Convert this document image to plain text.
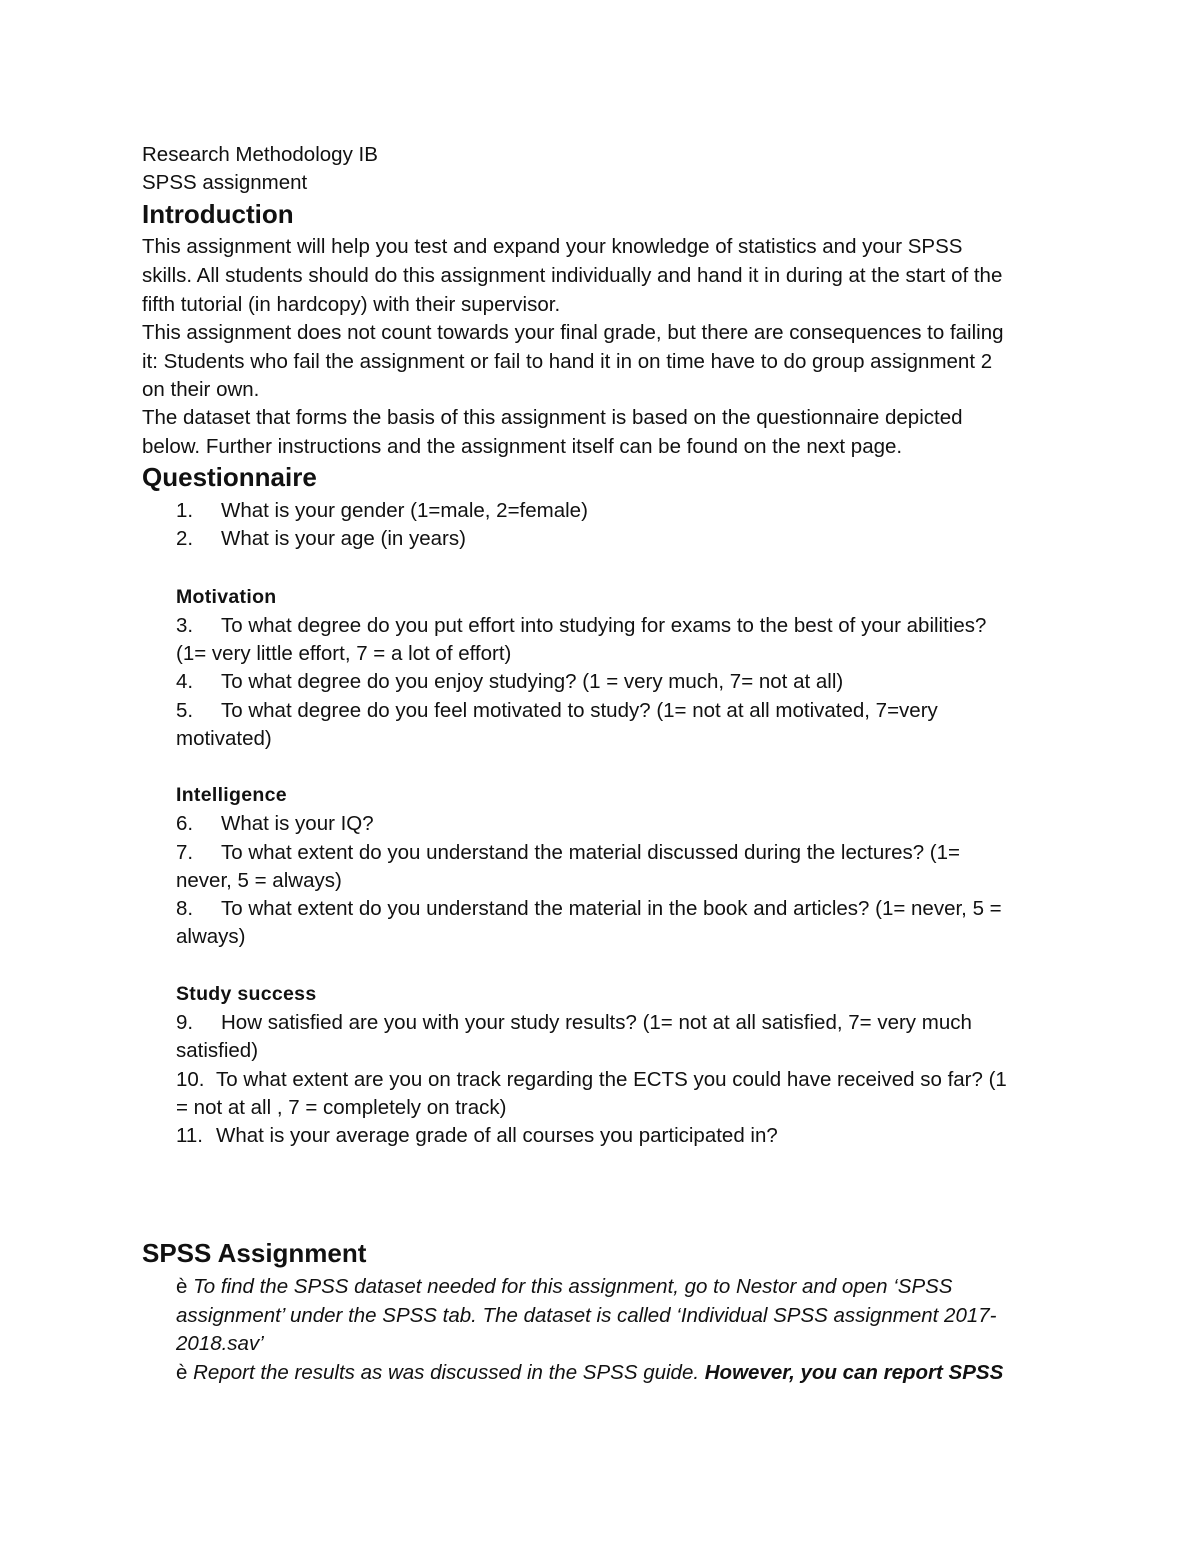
Research Methodology IB
SPSS assignment
Introduction
This assignment will help you test and expand your knowledge of statistics and your SPSS
skills. All students should do this assignment individually and hand it in during at the start of the
fifth tutorial (in hardcopy) with their supervisor.
This assignment does not count towards your final grade, but there are consequences to failing
it: Students who fail the assignment or fail to hand it in on time have to do group assignment 2
on their own.
The dataset that forms the basis of this assignment is based on the questionnaire depicted
below. Further instructions and the assignment itself can be found on the next page.
Questionnaire
1. What is your gender (1=male, 2=female)
2. What is your age (in years)
Motivation
3. To what degree do you put effort into studying for exams to the best of your abilities?
(1= very little effort, 7 = a lot of effort)
4. To what degree do you enjoy studying? (1 = very much, 7= not at all)
5. To what degree do you feel motivated to study? (1= not at all motivated, 7=very
motivated)
Intelligence
6. What is your IQ?
7. To what extent do you understand the material discussed during the lectures? (1=
never, 5 = always)
8. To what extent do you understand the material in the book and articles? (1= never, 5 =
always)
Study success
9. How satisfied are you with your study results? (1= not at all satisfied, 7= very much
satisfied)
10. To what extent are you on track regarding the ECTS you could have received so far? (1
= not at all , 7 = completely on track)
11. What is your average grade of all courses you participated in?
SPSS Assignment
è To find the SPSS dataset needed for this assignment, go to Nestor and open ‘SPSS
assignment’ under the SPSS tab. The dataset is called ‘Individual SPSS assignment 2017-
2018.sav’
è Report the results as was discussed in the SPSS guide. However, you can report SPSS
